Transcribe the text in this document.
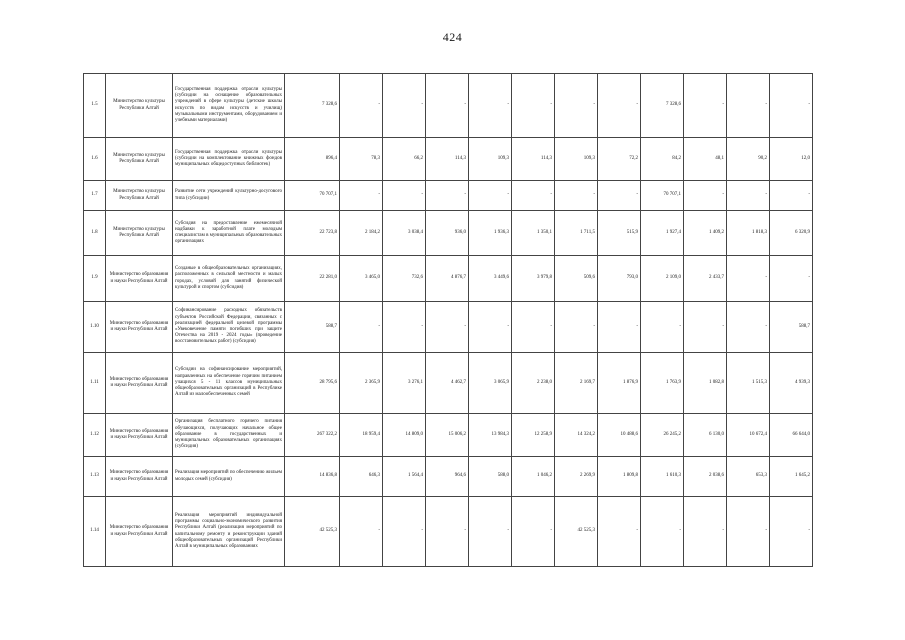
424
1.5	Министерство культуры Республики Алтай	Государственная поддержка отрасли культуры (субсидии на оснащение образовательных учреждений в сфере культуры (детские школы искусств по видам искусств и училищ) музыкальными инструментами, оборудованием и учебными материалами)	7 328,6	-	-	-	-	-	-	-	7 328,6	-	-	-
1.6	Министерство культуры Республики Алтай	Государственная поддержка отрасли культуры (субсидии на комплектование книжных фондов муниципальных общедоступных библиотек)	896,4	78,3	66,2	114,3	109,3	114,3	109,3	72,2	84,2	48,1	90,2	12,0
1.7	Министерство культуры Республики Алтай	Развитие сети учреждений культурно-досугового типа (субсидии)	70 707,1	-	-	-	-	-	-	-	70 707,1	-	-	-
1.8	Министерство культуры Республики Алтай	Субсидия на предоставление ежемесячной надбавки к заработной плате молодым специалистам в муниципальных образовательных организациях	22 723,8	2 184,2	3 038,4	936,0	1 936,3	1 350,1	1 711,5	515,9	1 927,4	1 409,2	1 818,3	6 320,9
1.9	Министерство образования и науки Республики Алтай	Созданые в общеобразовательных организациях, расположенных в сельской местности и малых городах, условий для занятий физической культурой и спортом (субсидия)	22 281,0	3 465,0	732,6	4 876,7	3 449,6	3 979,8	509,6	793,0	2 109,0	2 433,7	-	-
1.10	Министерство образования и науки Республики Алтай	Софинансирование расходных обязательств субъектов Российской Федерации, связанных с реализацией федеральной целевой программы «Увековечение памяти погибших при защите Отечества на 2019 - 2024 годы» (проведение восстановительных работ) (субсидия)	588,7	-	-	-	-	-	-	-	-	-	-	588,7
1.11	Министерство образования и науки Республики Алтай	Субсидии на софинансирование мероприятий, направленных на обеспечение горячим питанием учащихся 5 - 11 классов муниципальных общеобразовательных организаций в Республике Алтай из малообеспеченных семей	28 795,6	2 365,9	3 276,1	4 462,7	3 065,9	2 238,0	2 169,7	1 876,9	1 763,9	1 082,8	1 515,3	4 939,3
1.12	Министерство образования и науки Республики Алтай	Организация бесплатного горячего питания обучающихся, получающих начальное общее образование в государственных и муниципальных образовательных организациях (субсидия)	267 322,2	18 959,4	14 809,0	15 006,2	13 984,3	12 258,9	14 324,2	10 488,6	26 245,2	6 130,0	10 672,4	66 644,0
1.13	Министерство образования и науки Республики Алтай	Реализация мероприятий по обеспечению жильем молодых семей (субсидия)	14 836,8	646,3	1 564,4	964,6	588,0	1 046,2	2 269,9	1 809,8	1 610,3	2 038,6	653,3	1 645,2
1.14	Министерство образования и науки Республики Алтай	Реализация мероприятий индивидуальной программы социально-экономического развития Республики Алтай (реализация мероприятий по капитальному ремонту и реконструкции зданий общеобразовательных организаций Республики Алтай в муниципальных образованиях	42 525,3	-	-	-	-	-	42 525,3	-	-	-	-	-
